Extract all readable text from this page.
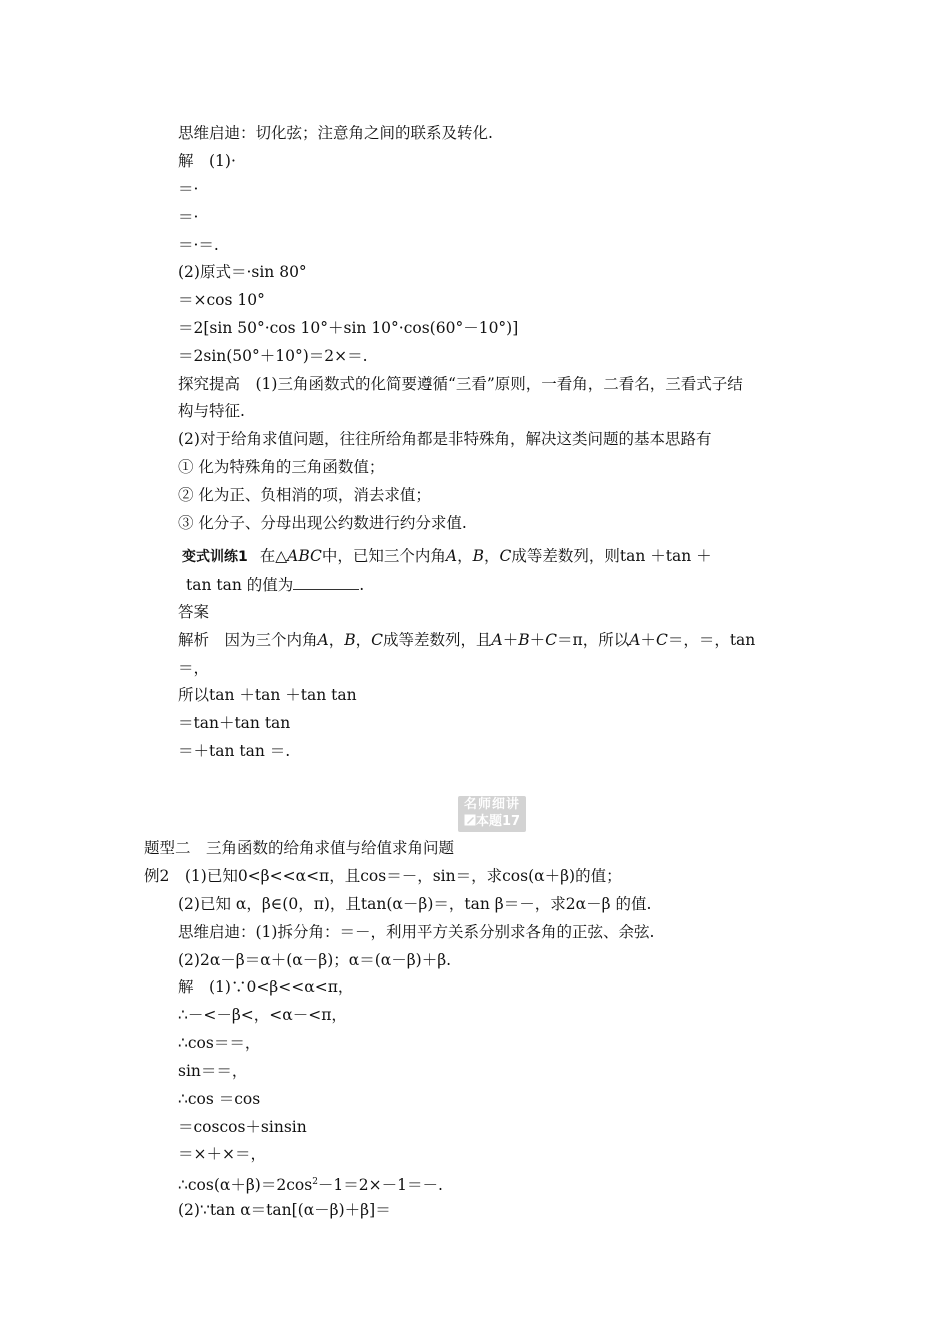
思维启迪：切化弦；注意角之间的联系及转化.
解　(1)·
＝·
＝·
＝·＝.
(2)原式＝·sin 80°
＝×cos 10°
＝2[sin 50°·cos 10°＋sin 10°·cos(60°－10°)]
＝2sin(50°＋10°)＝2×＝.
探究提高　(1)三角函数式的化简要遵循“三看”原则，一看角，二看名，三看式子结
构与特征.
(2)对于给角求值问题，往往所给角都是非特殊角，解决这类问题的基本思路有
① 化为特殊角的三角函数值；
② 化为正、负相消的项，消去求值；
③ 化分子、分母出现公约数进行约分求值.
变式训练1 在△ABC中，已知三个内角A，B，C成等差数列，则tan ＋tan ＋
tan tan 的值为	.
答案
解析　因为三个内角A，B，C成等差数列，且A＋B＋C＝π，所以A＋C＝，＝，tan
＝，
所以tan ＋tan ＋tan tan
＝tan＋tan tan
＝＋tan tan ＝.
名师细讲
本题17
题型二　三角函数的给角求值与给值求角问题
例2　(1)已知0<β<<α<π，且cos＝－，sin＝，求cos(α＋β)的值；
(2)已知 α，β∈(0，π)，且tan(α－β)＝，tan β＝－，求2α－β 的值.
思维启迪：(1)拆分角：＝－，利用平方关系分别求各角的正弦、余弦.
(2)2α－β＝α＋(α－β)；α＝(α－β)＋β.
解　(1)∵0<β<<α<π，
∴－<－β<，<α－<π，
∴cos＝＝，
sin＝＝，
∴cos ＝cos
＝coscos＋sinsin
＝×＋×＝，
$\therefore\cos(\alpha+\beta)=2\cos^2-1=2\times-1=-$.
(2)∵tan α＝tan[(α－β)＋β]＝
